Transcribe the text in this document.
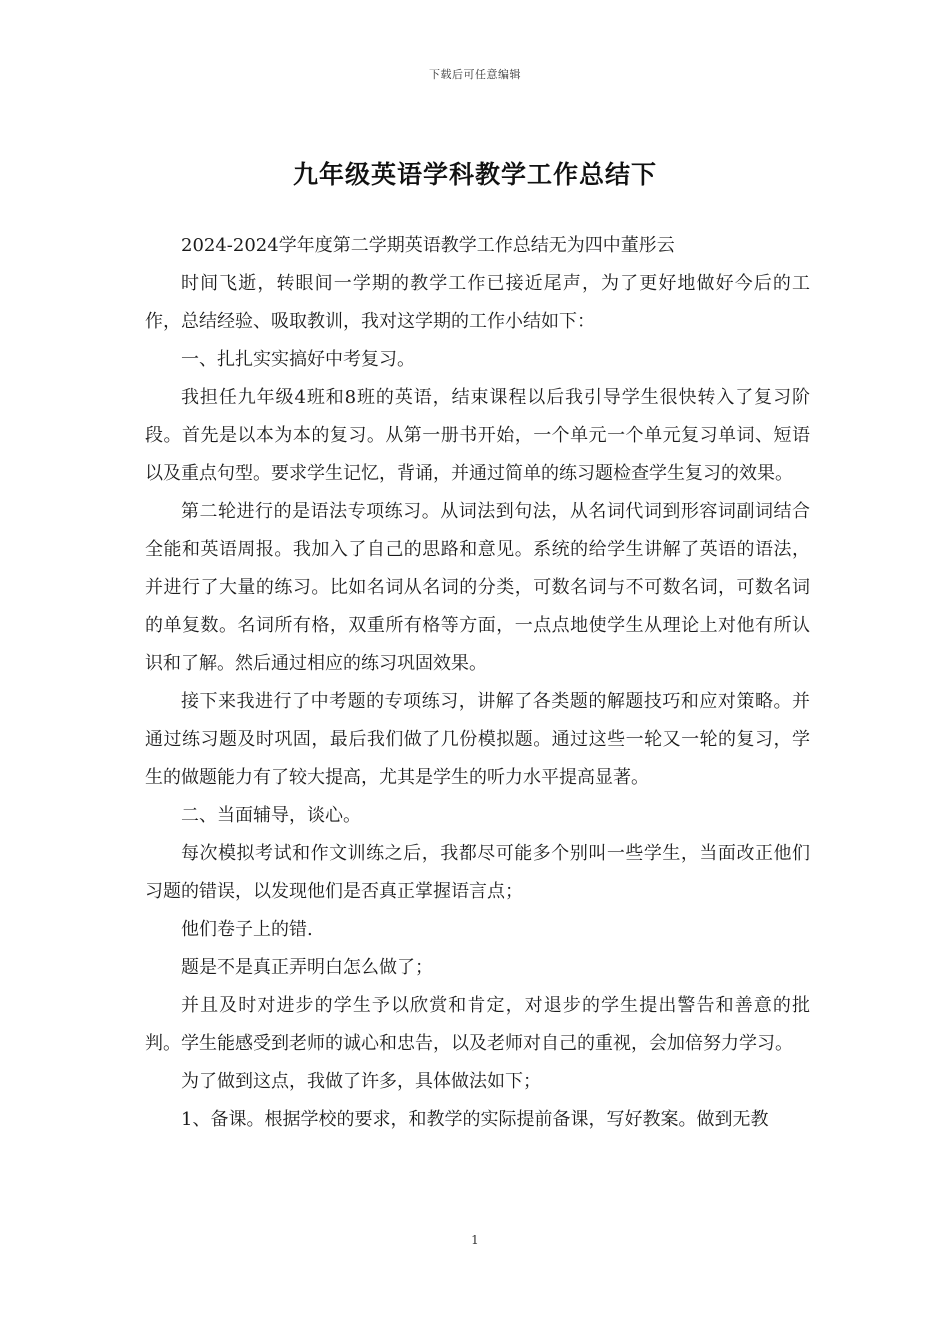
下载后可任意编辑
九年级英语学科教学工作总结下

2024-2024学年度第二学期英语教学工作总结无为四中董彤云

时间飞逝，转眼间一学期的教学工作已接近尾声，为了更好地做好今后的工作，总结经验、吸取教训，我对这学期的工作小结如下：

一、扎扎实实搞好中考复习。

我担任九年级4班和8班的英语，结束课程以后我引导学生很快转入了复习阶段。首先是以本为本的复习。从第一册书开始，一个单元一个单元复习单词、短语以及重点句型。要求学生记忆，背诵，并通过简单的练习题检查学生复习的效果。

第二轮进行的是语法专项练习。从词法到句法，从名词代词到形容词副词结合全能和英语周报。我加入了自己的思路和意见。系统的给学生讲解了英语的语法，并进行了大量的练习。比如名词从名词的分类，可数名词与不可数名词，可数名词的单复数。名词所有格，双重所有格等方面，一点点地使学生从理论上对他有所认识和了解。然后通过相应的练习巩固效果。

接下来我进行了中考题的专项练习，讲解了各类题的解题技巧和应对策略。并通过练习题及时巩固，最后我们做了几份模拟题。通过这些一轮又一轮的复习，学生的做题能力有了较大提高，尤其是学生的听力水平提高显著。

二、当面辅导，谈心。

每次模拟考试和作文训练之后，我都尽可能多个别叫一些学生，当面改正他们习题的错误，以发现他们是否真正掌握语言点；

他们卷子上的错.

题是不是真正弄明白怎么做了；

并且及时对进步的学生予以欣赏和肯定，对退步的学生提出警告和善意的批判。学生能感受到老师的诚心和忠告，以及老师对自己的重视，会加倍努力学习。

为了做到这点，我做了许多，具体做法如下；

1、备课。根据学校的要求，和教学的实际提前备课，写好教案。做到无教

1
